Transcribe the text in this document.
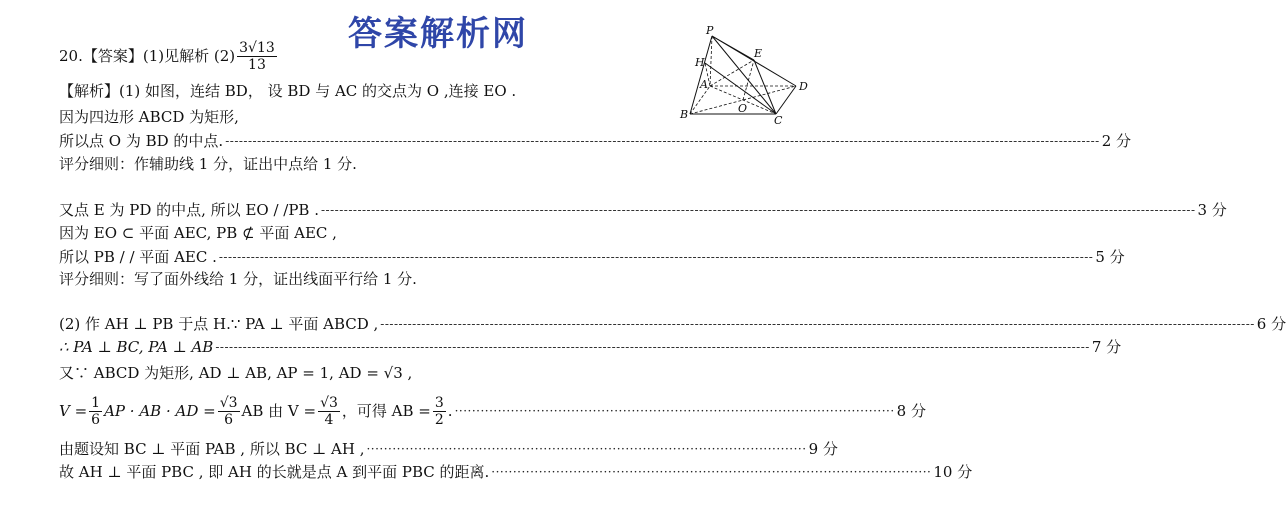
答案解析网	P
E
H
A	D
B	O
C
20.【答案】(1)见解析 $(2) \frac{3√13}{13}$
【解析】(1) 如图，连结 BD， 设 BD 与 AC 的交点为 O ,连接 EO .
因为四边形 ABCD 为矩形,
所以点 O 为 BD 的中点. ------------------------------------------------------------------------------------------------------------------------------------------------------------------------------------------------ 2 分
评分细则：作辅助线 1 分，证出中点给 1 分.
又点 E 为 PD 的中点, 所以 EO / /PB . ------------------------------------------------------------------------------------------------------------------------------------------------------------------------------------------------ 3 分
因为 EO ⊂ 平面 AEC, PB ⊄ 平面 AEC ,
所以 PB / / 平面 AEC . ------------------------------------------------------------------------------------------------------------------------------------------------------------------------------------------------ 5 分
评分细则：写了面外线给 1 分，证出线面平行给 1 分.
(2) 作 AH ⊥ PB 于点 H.∵ PA ⊥ 平面 ABCD , ------------------------------------------------------------------------------------------------------------------------------------------------------------------------------------------------ 6 分
∴ PA ⊥ BC, PA ⊥ AB ------------------------------------------------------------------------------------------------------------------------------------------------------------------------------------------------ 7 分
又∵ ABCD 为矩形, AD ⊥ AB, AP = 1, AD = √3 ,
$V = \frac{1}{6}$ AP · AB · AD = $\frac{√3}{6}$ AB 由 $V = \frac{√3}{4}$ ，可得 AB = $\frac{3}{2}$ . ······································································································ 8 分
由题设知 BC ⊥ 平面 PAB , 所以 BC ⊥ AH , ······································································································ 9 分
故 AH ⊥ 平面 PBC , 即 AH 的长就是点 A 到平面 PBC 的距离. ······································································································ 10 分
